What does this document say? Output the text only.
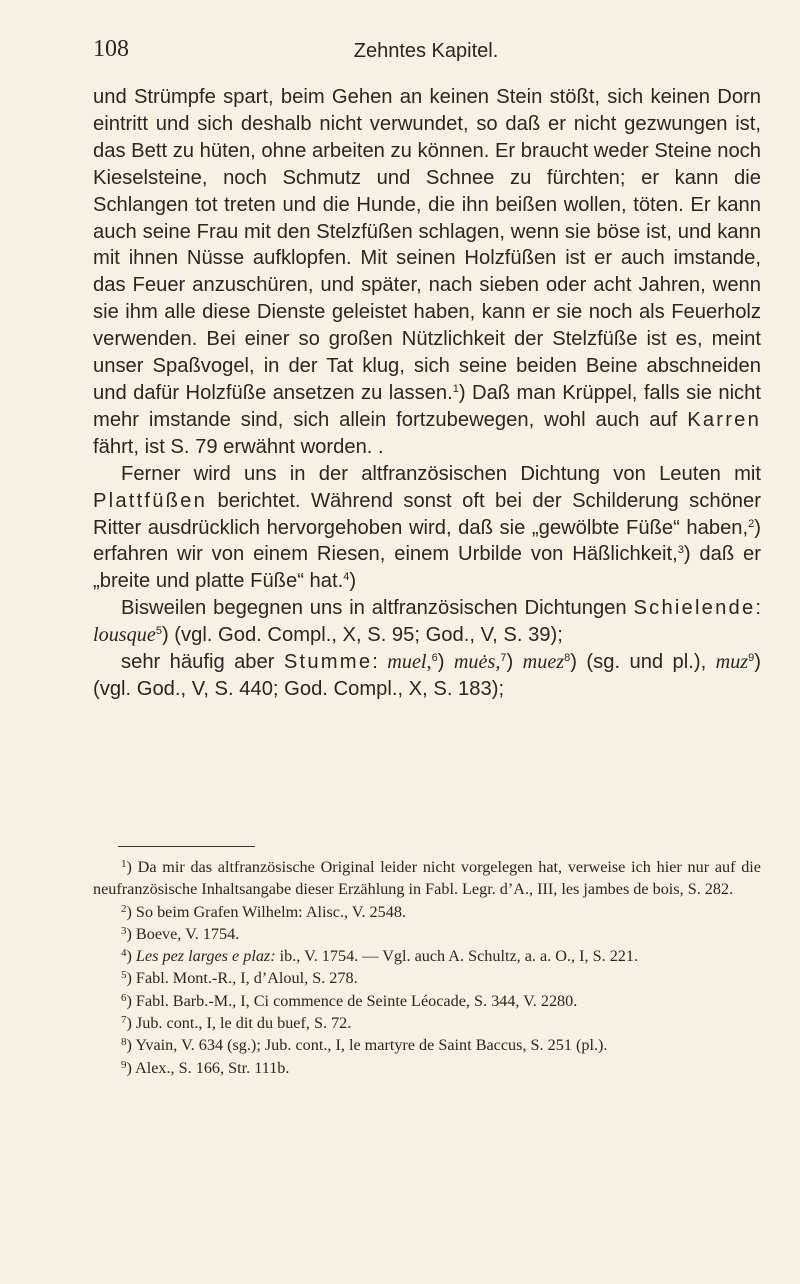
108	Zehntes Kapitel.

und Strümpfe spart, beim Gehen an keinen Stein stößt, sich keinen Dorn eintritt und sich deshalb nicht verwundet, so daß er nicht gezwungen ist, das Bett zu hüten, ohne arbeiten zu können. Er braucht weder Steine noch Kieselsteine, noch Schmutz und Schnee zu fürchten; er kann die Schlangen tot treten und die Hunde, die ihn beißen wollen, töten. Er kann auch seine Frau mit den Stelzfüßen schlagen, wenn sie böse ist, und kann mit ihnen Nüsse aufklopfen. Mit seinen Holzfüßen ist er auch imstande, das Feuer anzuschüren, und später, nach sieben oder acht Jahren, wenn sie ihm alle diese Dienste geleistet haben, kann er sie noch als Feuerholz verwenden. Bei einer so großen Nützlichkeit der Stelzfüße ist es, meint unser Spaßvogel, in der Tat klug, sich seine beiden Beine abschneiden und dafür Holzfüße ansetzen zu lassen.$^1$) Daß man Krüppel, falls sie nicht mehr imstande sind, sich allein fortzubewegen, wohl auch auf Karren fährt, ist S. 79 erwähnt worden. .

Ferner wird uns in der altfranzösischen Dichtung von Leuten mit Plattfüßen berichtet. Während sonst oft bei der Schilderung schöner Ritter ausdrücklich hervorgehoben wird, daß sie „gewölbte Füße“ haben,$^2$) erfahren wir von einem Riesen, einem Urbilde von Häßlichkeit,$^3$) daß er „breite und platte Füße“ hat.$^4$)

Bisweilen begegnen uns in altfranzösischen Dichtungen Schielende: lousque$^5$) (vgl. God. Compl., X, S. 95; God., V, S. 39);

sehr häufig aber Stumme: muel,$^6$) muės,$^7$) muez$^8$) (sg. und pl.), muz$^9$) (vgl. God., V, S. 440; God. Compl., X, S. 183);

$^1$) Da mir das altfranzösische Original leider nicht vorgelegen hat, verweise ich hier nur auf die neufranzösische Inhaltsangabe dieser Erzählung in Fabl. Legr. d’A., III, les jambes de bois, S. 282.

$^2$) So beim Grafen Wilhelm: Alisc., V. 2548.

$^3$) Boeve, V. 1754.

$^4$) Les pez larges e plaz: ib., V. 1754. — Vgl. auch A. Schultz, a. a. O., I, S. 221.

$^5$) Fabl. Mont.-R., I, d’Aloul, S. 278.

$^6$) Fabl. Barb.-M., I, Ci commence de Seinte Léocade, S. 344, V. 2280.

$^7$) Jub. cont., I, le dit du buef, S. 72.

$^8$) Yvain, V. 634 (sg.); Jub. cont., I, le martyre de Saint Baccus, S. 251 (pl.).

$^9$) Alex., S. 166, Str. 111b.
